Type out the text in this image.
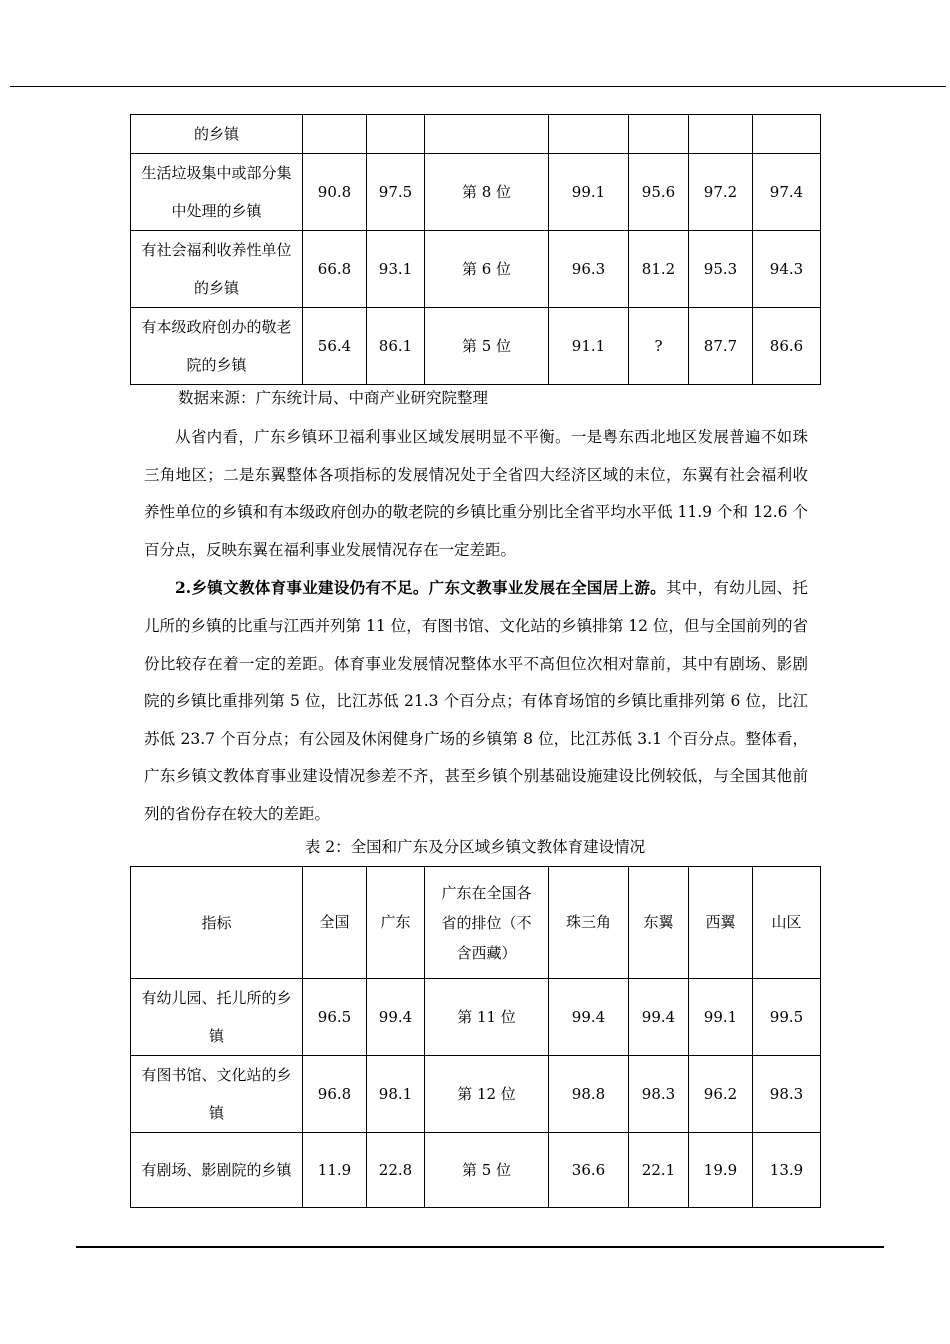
的乡镇							
生活垃圾集中或部分集中处理的乡镇	90.8	97.5	第 8 位	99.1	95.6	97.2	97.4
有社会福利收养性单位的乡镇	66.8	93.1	第 6 位	96.3	81.2	95.3	94.3
有本级政府创办的敬老院的乡镇	56.4	86.1	第 5 位	91.1	?	87.7	86.6
数据来源：广东统计局、中商产业研究院整理

从省内看，广东乡镇环卫福利事业区域发展明显不平衡。一是粤东西北地区发展普遍不如珠三角地区；二是东翼整体各项指标的发展情况处于全省四大经济区域的末位，东翼有社会福利收养性单位的乡镇和有本级政府创办的敬老院的乡镇比重分别比全省平均水平低 11.9 个和 12.6 个百分点，反映东翼在福利事业发展情况存在一定差距。

2.乡镇文教体育事业建设仍有不足。广东文教事业发展在全国居上游。其中，有幼儿园、托儿所的乡镇的比重与江西并列第 11 位，有图书馆、文化站的乡镇排第 12 位，但与全国前列的省份比较存在着一定的差距。体育事业发展情况整体水平不高但位次相对靠前，其中有剧场、影剧院的乡镇比重排列第 5 位，比江苏低 21.3 个百分点；有体育场馆的乡镇比重排列第 6 位，比江苏低 23.7 个百分点；有公园及休闲健身广场的乡镇第 8 位，比江苏低 3.1 个百分点。整体看，广东乡镇文教体育事业建设情况参差不齐，甚至乡镇个别基础设施建设比例较低，与全国其他前列的省份存在较大的差距。

表 2：全国和广东及分区域乡镇文教体育建设情况
指标	全国	广东	广东在全国各省的排位（不含西藏）	珠三角	东翼	西翼	山区
有幼儿园、托儿所的乡镇	96.5	99.4	第 11 位	99.4	99.4	99.1	99.5
有图书馆、文化站的乡镇	96.8	98.1	第 12 位	98.8	98.3	96.2	98.3
有剧场、影剧院的乡镇	11.9	22.8	第 5 位	36.6	22.1	19.9	13.9
